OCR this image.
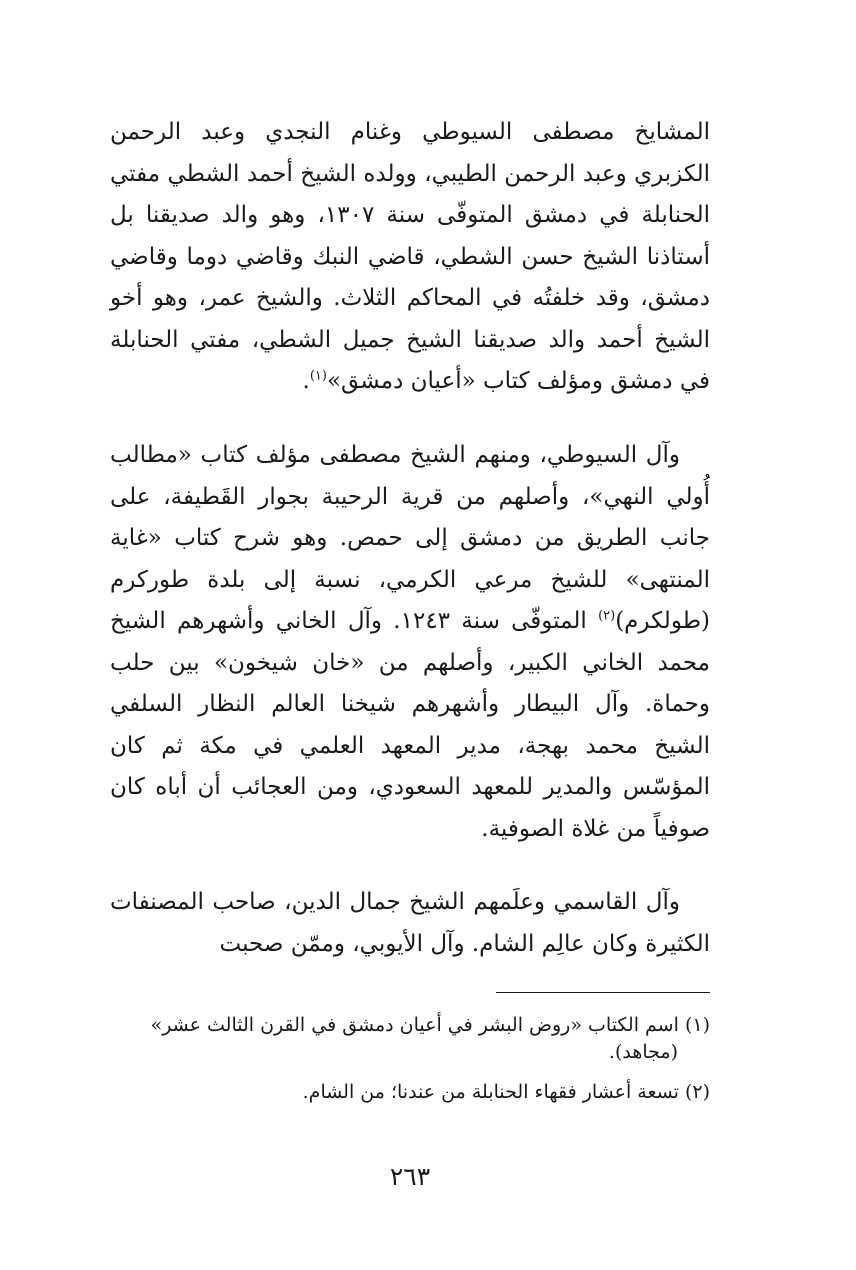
المشايخ مصطفى السيوطي وغنام النجدي وعبد الرحمن الكزبري وعبد الرحمن الطيبي، وولده الشيخ أحمد الشطي مفتي الحنابلة في دمشق المتوفّى سنة ١٣٠٧، وهو والد صديقنا بل أستاذنا الشيخ حسن الشطي، قاضي النبك وقاضي دوما وقاضي دمشق، وقد خلفتُه في المحاكم الثلاث. والشيخ عمر، وهو أخو الشيخ أحمد والد صديقنا الشيخ جميل الشطي، مفتي الحنابلة في دمشق ومؤلف كتاب «أعيان دمشق»$^{(١)}$.

وآل السيوطي، ومنهم الشيخ مصطفى مؤلف كتاب «مطالب أُولي النهي»، وأصلهم من قرية الرحيبة بجوار القَطيفة، على جانب الطريق من دمشق إلى حمص. وهو شرح كتاب «غاية المنتهى» للشيخ مرعي الكرمي، نسبة إلى بلدة طوركرم (طولكرم)$^{(٢)}$ المتوفّى سنة ١٢٤٣. وآل الخاني وأشهرهم الشيخ محمد الخاني الكبير، وأصلهم من «خان شيخون» بين حلب وحماة. وآل البيطار وأشهرهم شيخنا العالم النظار السلفي الشيخ محمد بهجة، مدير المعهد العلمي في مكة ثم كان المؤسّس والمدير للمعهد السعودي، ومن العجائب أن أباه كان صوفياً من غلاة الصوفية.

وآل القاسمي وعلَمهم الشيخ جمال الدين، صاحب المصنفات الكثيرة وكان عالِم الشام. وآل الأيوبي، وممّن صحبت

(١) اسم الكتاب «روض البشر في أعيان دمشق في القرن الثالث عشر»
(مجاهد).

(٢) تسعة أعشار فقهاء الحنابلة من عندنا؛ من الشام.

٢٦٣
